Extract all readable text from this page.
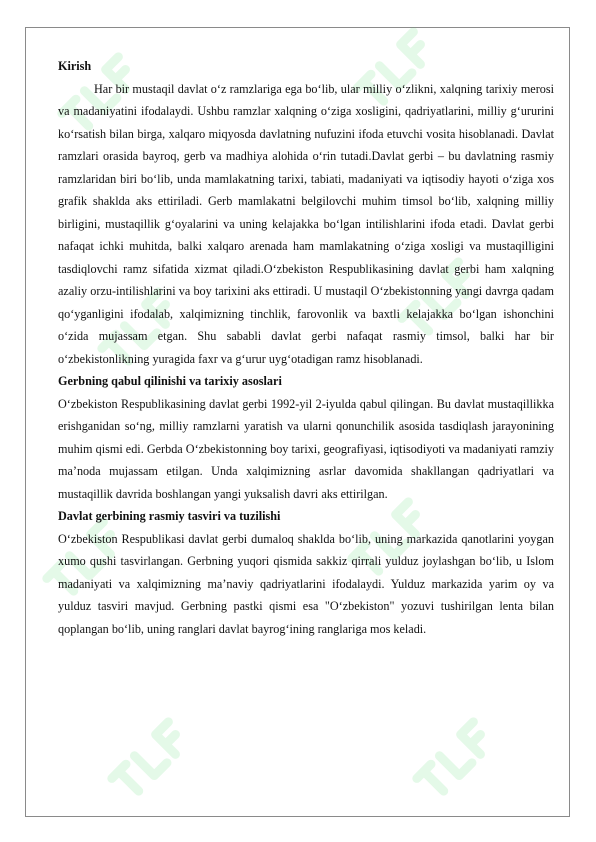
Kirish

Har bir mustaqil davlat o‘z ramzlariga ega bo‘lib, ular milliy o‘zlikni, xalqning tarixiy merosi va madaniyatini ifodalaydi. Ushbu ramzlar xalqning o‘ziga xosligini, qadriyatlarini, milliy g‘ururini ko‘rsatish bilan birga, xalqaro miqyosda davlatning nufuzini ifoda etuvchi vosita hisoblanadi. Davlat ramzlari orasida bayroq, gerb va madhiya alohida o‘rin tutadi.Davlat gerbi – bu davlatning rasmiy ramzlaridan biri bo‘lib, unda mamlakatning tarixi, tabiati, madaniyati va iqtisodiy hayoti o‘ziga xos grafik shaklda aks ettiriladi. Gerb mamlakatni belgilovchi muhim timsol bo‘lib, xalqning milliy birligini, mustaqillik g‘oyalarini va uning kelajakka bo‘lgan intilishlarini ifoda etadi. Davlat gerbi nafaqat ichki muhitda, balki xalqaro arenada ham mamlakatning o‘ziga xosligi va mustaqilligini tasdiqlovchi ramz sifatida xizmat qiladi.O‘zbekiston Respublikasining davlat gerbi ham xalqning azaliy orzu-intilishlarini va boy tarixini aks ettiradi. U mustaqil O‘zbekistonning yangi davrga qadam qo‘yganligini ifodalab, xalqimizning tinchlik, farovonlik va baxtli kelajakka bo‘lgan ishonchini o‘zida mujassam etgan. Shu sababli davlat gerbi nafaqat rasmiy timsol, balki har bir o‘zbekistonlikning yuragida faxr va g‘urur uyg‘otadigan ramz hisoblanadi.

Gerbning qabul qilinishi va tarixiy asoslari

O‘zbekiston Respublikasining davlat gerbi 1992-yil 2-iyulda qabul qilingan. Bu davlat mustaqillikka erishganidan so‘ng, milliy ramzlarni yaratish va ularni qonunchilik asosida tasdiqlash jarayonining muhim qismi edi. Gerbda O‘zbekistonning boy tarixi, geografiyasi, iqtisodiyoti va madaniyati ramziy ma’noda mujassam etilgan. Unda xalqimizning asrlar davomida shakllangan qadriyatlari va mustaqillik davrida boshlangan yangi yuksalish davri aks ettirilgan.

Davlat gerbining rasmiy tasviri va tuzilishi

O‘zbekiston Respublikasi davlat gerbi dumaloq shaklda bo‘lib, uning markazida qanotlarini yoygan xumo qushi tasvirlangan. Gerbning yuqori qismida sakkiz qirrali yulduz joylashgan bo‘lib, u Islom madaniyati va xalqimizning ma’naviy qadriyatlarini ifodalaydi. Yulduz markazida yarim oy va yulduz tasviri mavjud. Gerbning pastki qismi esa "O‘zbekiston" yozuvi tushirilgan lenta bilan qoplangan bo‘lib, uning ranglari davlat bayrog‘ining ranglariga mos keladi.
